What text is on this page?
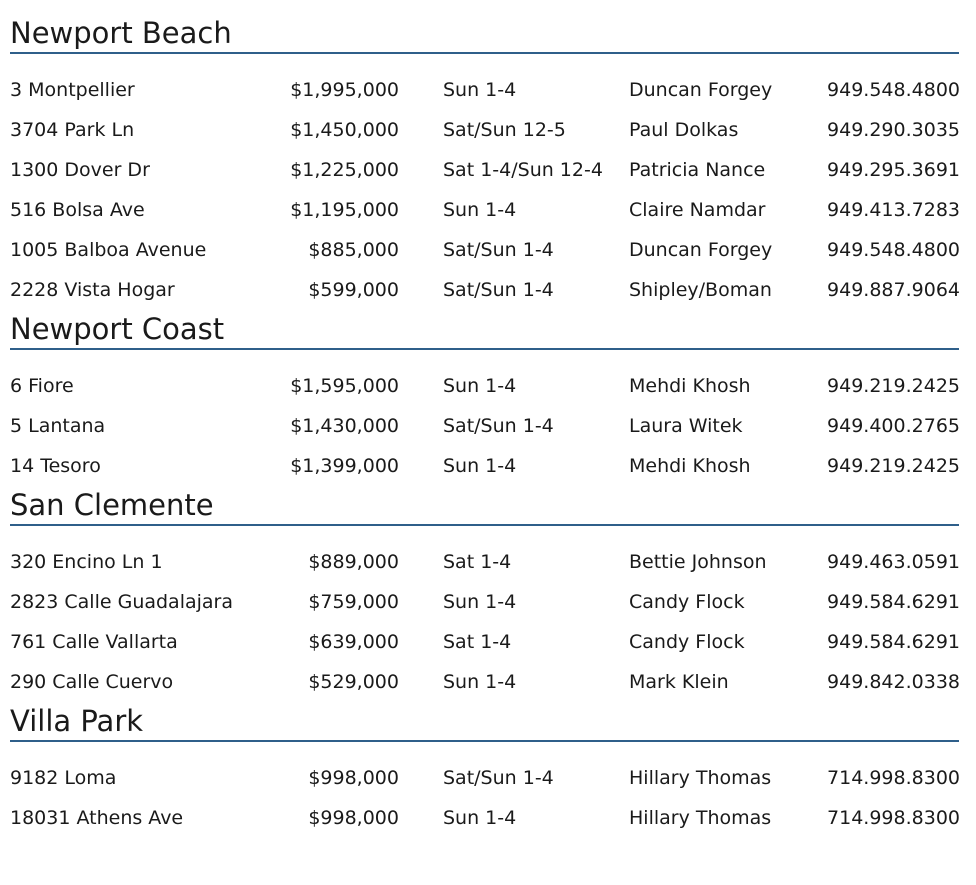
Newport Beach
3 Montpellier	$1,995,000 Sun 1-4	Duncan Forgey	949.548.4800
3704 Park Ln	$1,450,000 Sat/Sun 12-5	Paul Dolkas	949.290.3035
1300 Dover Dr	$1,225,000 Sat 1-4/Sun 12-4 Patricia Nance	949.295.3691
516 Bolsa Ave	$1,195,000 Sun 1-4	Claire Namdar	949.413.7283
1005 Balboa Avenue	$885,000 Sat/Sun 1-4	Duncan Forgey	949.548.4800
2228 Vista Hogar	$599,000 Sat/Sun 1-4	Shipley/Boman	949.887.9064
Newport Coast
6 Fiore	$1,595,000 Sun 1-4	Mehdi Khosh	949.219.2425
5 Lantana	$1,430,000 Sat/Sun 1-4	Laura Witek	949.400.2765
14 Tesoro	$1,399,000 Sun 1-4	Mehdi Khosh	949.219.2425
San Clemente
320 Encino Ln 1	$889,000 Sat 1-4	Bettie Johnson	949.463.0591
2823 Calle Guadalajara	$759,000 Sun 1-4	Candy Flock	949.584.6291
761 Calle Vallarta	$639,000 Sat 1-4	Candy Flock	949.584.6291
290 Calle Cuervo	$529,000 Sun 1-4	Mark Klein	949.842.0338
Villa Park
9182 Loma	$998,000 Sat/Sun 1-4	Hillary Thomas	714.998.8300
18031 Athens Ave	$998,000 Sun 1-4	Hillary Thomas	714.998.8300
